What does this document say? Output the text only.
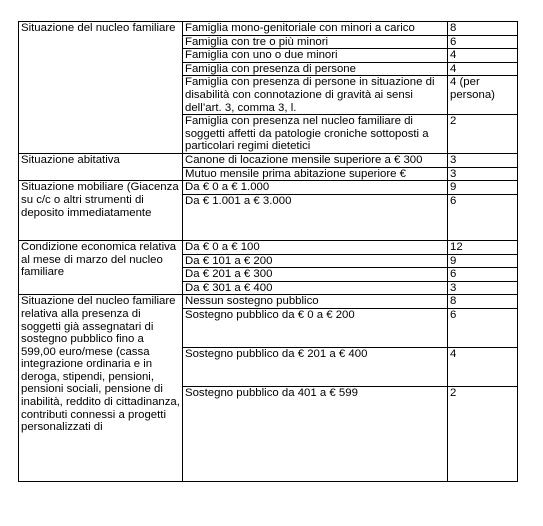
Situazione del nucleo familiare	Famiglia mono-genitoriale con minori a carico	8
	Famiglia con tre o più minori	6
	Famiglia con uno o due minori	4
	Famiglia con presenza di persone	4
	Famiglia con presenza di persone in situazione di disabilità con connotazione di gravità ai sensi dell’art. 3, comma 3, l.	4 (per persona)
	Famiglia con presenza nel nucleo familiare di soggetti affetti da patologie croniche sottoposti a particolari regimi dietetici	2
Situazione abitativa	Canone di locazione mensile superiore a € 300	3
	Mutuo mensile prima abitazione superiore €	3
Situazione mobiliare (Giacenza su c/c o altri strumenti di deposito immediatamente	Da € 0 a € 1.000	9
	Da € 1.001 a € 3.000	6
Condizione economica relativa al mese di marzo del nucleo familiare	Da € 0 a € 100	12
	Da € 101 a € 200	9
	Da € 201 a € 300	6
	Da € 301 a € 400	3
Situazione del nucleo familiare relativa alla presenza di soggetti già assegnatari di sostegno pubblico fino a 599,00 euro/mese (cassa integrazione ordinaria e in deroga, stipendi, pensioni, pensioni sociali, pensione di inabilità, reddito di cittadinanza, contributi connessi a progetti personalizzati di	Nessun sostegno pubblico	8
	Sostegno pubblico da € 0 a € 200	6
	Sostegno pubblico da € 201 a € 400	4
	Sostegno pubblico da 401 a € 599	2
